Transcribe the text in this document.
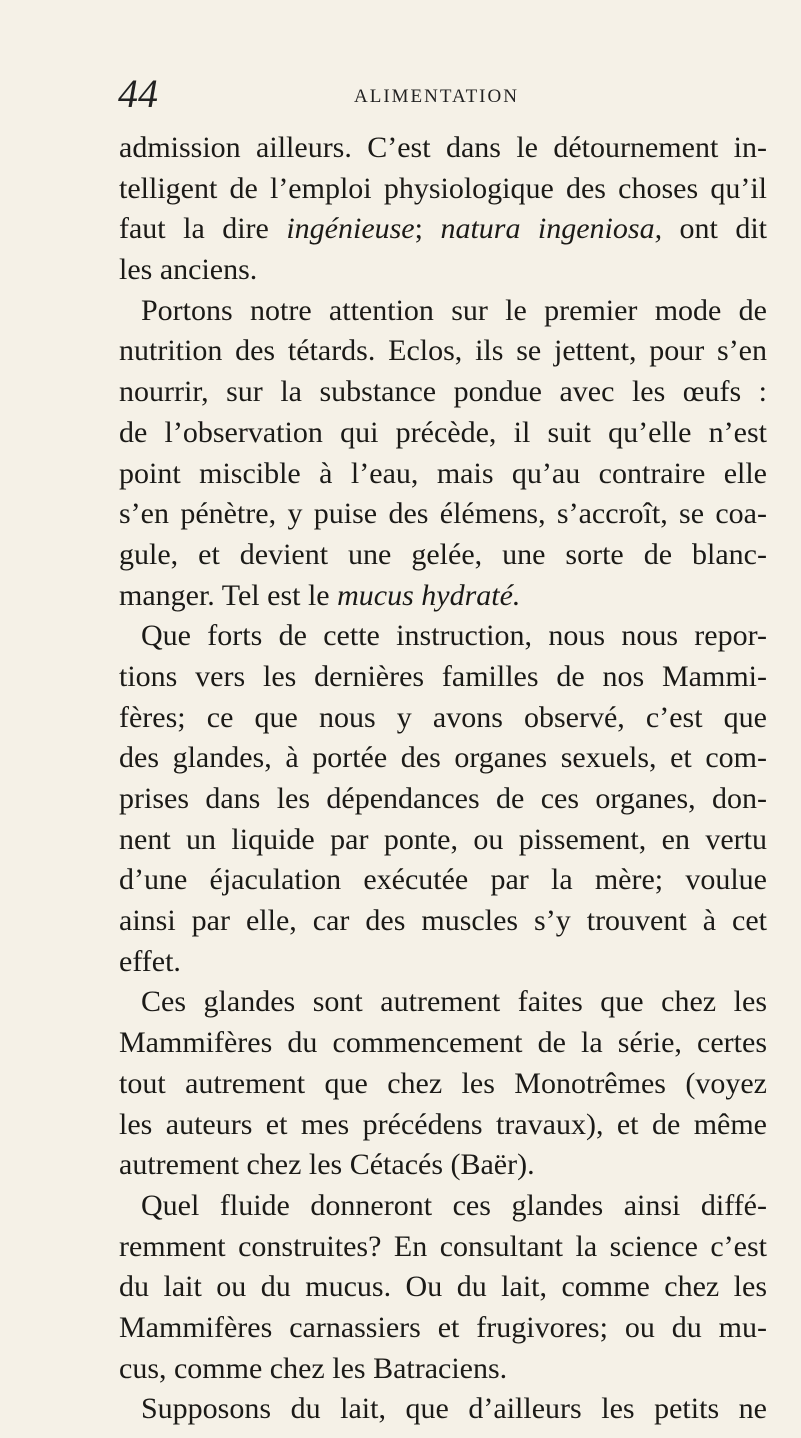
44	ALIMENTATION
admission ailleurs. C’est dans le détournement in-
telligent de l’emploi physiologique des choses qu’il
faut la dire ingénieuse; natura ingeniosa, ont dit
les anciens.
Portons notre attention sur le premier mode de
nutrition des tétards. Eclos, ils se jettent, pour s’en
nourrir, sur la substance pondue avec les œufs :
de l’observation qui précède, il suit qu’elle n’est
point miscible à l’eau, mais qu’au contraire elle
s’en pénètre, y puise des élémens, s’accroît, se coa-
gule, et devient une gelée, une sorte de blanc-
manger. Tel est le mucus hydraté.
Que forts de cette instruction, nous nous repor-
tions vers les dernières familles de nos Mammi-
fères; ce que nous y avons observé, c’est que
des glandes, à portée des organes sexuels, et com-
prises dans les dépendances de ces organes, don-
nent un liquide par ponte, ou pissement, en vertu
d’une éjaculation exécutée par la mère; voulue
ainsi par elle, car des muscles s’y trouvent à cet
effet.
Ces glandes sont autrement faites que chez les
Mammifères du commencement de la série, certes
tout autrement que chez les Monotrêmes (voyez
les auteurs et mes précédens travaux), et de même
autrement chez les Cétacés (Baër).
Quel fluide donneront ces glandes ainsi diffé-
remment construites? En consultant la science c’est
du lait ou du mucus. Ou du lait, comme chez les
Mammifères carnassiers et frugivores; ou du mu-
cus, comme chez les Batraciens.
Supposons du lait, que d’ailleurs les petits ne
